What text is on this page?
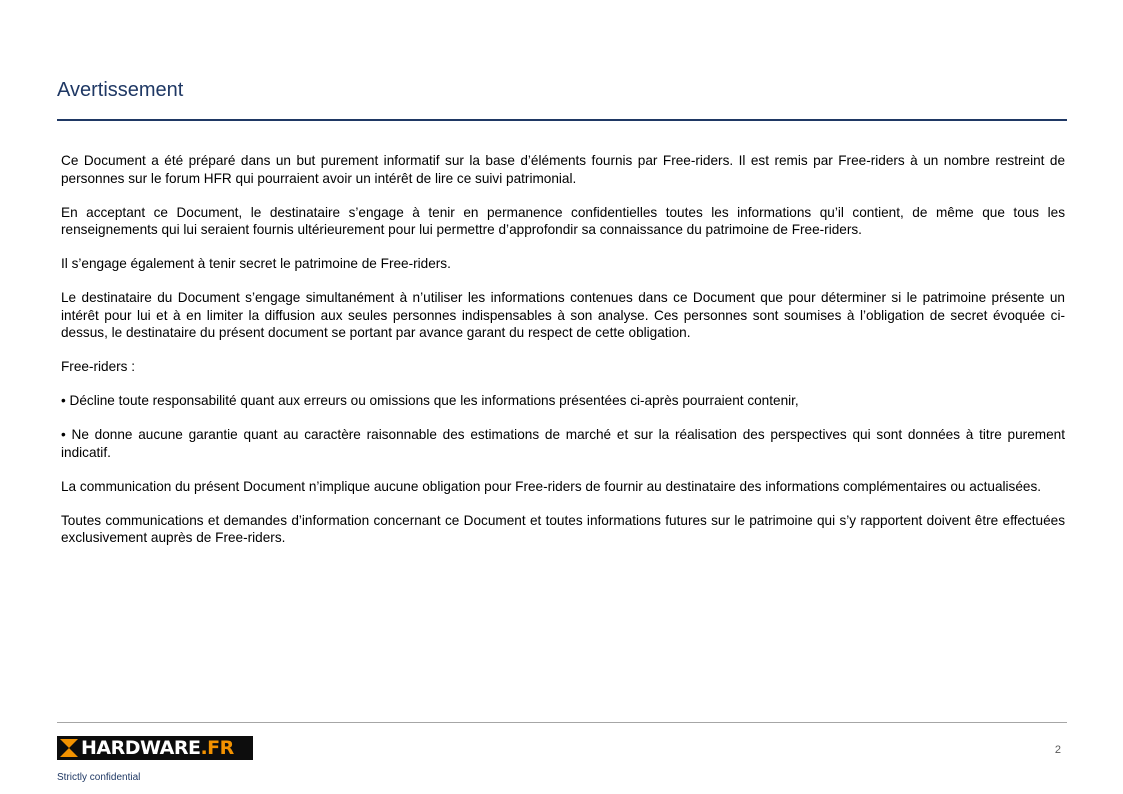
Avertissement

Ce Document a été préparé dans un but purement informatif sur la base d’éléments fournis par Free-riders. Il est remis par Free-riders à un nombre restreint de personnes sur le forum HFR qui pourraient avoir un intérêt de lire ce suivi patrimonial.

En acceptant ce Document, le destinataire s’engage à tenir en permanence confidentielles toutes les informations qu’il contient, de même que tous les renseignements qui lui seraient fournis ultérieurement pour lui permettre d’approfondir sa connaissance du patrimoine de Free-riders.

Il s’engage également à tenir secret le patrimoine de Free-riders.

Le destinataire du Document s’engage simultanément à n’utiliser les informations contenues dans ce Document que pour déterminer si le patrimoine présente un intérêt pour lui et à en limiter la diffusion aux seules personnes indispensables à son analyse. Ces personnes sont soumises à l’obligation de secret évoquée ci-dessus, le destinataire du présent document se portant par avance garant du respect de cette obligation.

Free-riders :

• Décline toute responsabilité quant aux erreurs ou omissions que les informations présentées ci-après pourraient contenir,

• Ne donne aucune garantie quant au caractère raisonnable des estimations de marché et sur la réalisation des perspectives qui sont données à titre purement indicatif.

La communication du présent Document n’implique aucune obligation pour Free-riders de fournir au destinataire des informations complémentaires ou actualisées.

Toutes communications et demandes d’information concernant ce Document et toutes informations futures sur le patrimoine qui s’y rapportent doivent être effectuées exclusivement auprès de Free-riders.

HARDWARE.FR	2
Strictly confidential
